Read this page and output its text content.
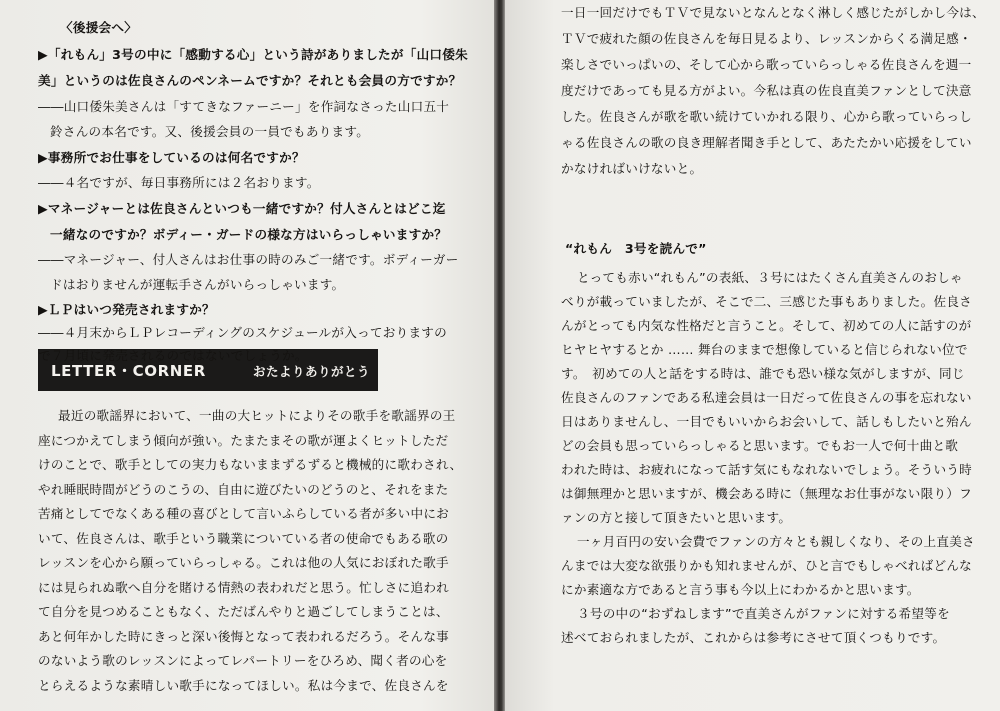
〈後援会へ〉
▶「れもん」3号の中に「感動する心」という詩がありましたが「山口倭朱
美」というのは佐良さんのペンネームですか？それとも会員の方ですか？
――山口倭朱美さんは「すてきなファーニー」を作詞なさった山口五十
鈴さんの本名です。又、後援会員の一員でもあります。
▶事務所でお仕事をしているのは何名ですか？
――４名ですが、毎日事務所には２名おります。
▶マネージャーとは佐良さんといつも一緒ですか？付人さんとはどこ迄
一緒なのですか？ボディー・ガードの様な方はいらっしゃいますか？
――マネージャー、付人さんはお仕事の時のみご一緒です。ボディーガー
ドはおりませんが運転手さんがいらっしゃいます。
▶ＬＰはいつ発売されますか？
LETTER・CORNER	おたよりありがとう
最近の歌謡界において、一曲の大ヒットによりその歌手を歌謡界の王
座につかえてしまう傾向が強い。たまたまその歌が運よくヒットしただ
けのことで、歌手としての実力もないままずるずると機械的に歌わされ、
やれ睡眠時間がどうのこうの、自由に遊びたいのどうのと、それをまた
苦痛としてでなくある種の喜びとして言いふらしている者が多い中にお
いて、佐良さんは、歌手という職業についている者の使命でもある歌の
レッスンを心から願っていらっしゃる。これは他の人気におぼれた歌手
には見られぬ歌へ自分を賭ける情熱の表われだと思う。忙しさに追われ
て自分を見つめることもなく、ただばんやりと過ごしてしまうことは、
あと何年かした時にきっと深い後悔となって表われるだろう。そんな事
のないよう歌のレッスンによってレパートリーをひろめ、聞く者の心を
とらえるような素晴しい歌手になってほしい。私は今まで、佐良さんを
――４月末からＬＰレコーディングのスケジュールが入っておりますの
で７月頃に発売されるのではないでしょうか。
一日一回だけでもＴＶで見ないとなんとなく淋しく感じたがしかし今は、
ＴＶで疲れた顔の佐良さんを毎日見るより、レッスンからくる満足感・
楽しさでいっぱいの、そして心から歌っていらっしゃる佐良さんを週一
度だけであっても見る方がよい。今私は真の佐良直美ファンとして決意
した。佐良さんが歌を歌い続けていかれる限り、心から歌っていらっし
ゃる佐良さんの歌の良き理解者聞き手として、あたたかい応援をしてい
かなければいけないと。
“れもん　3号を読んで”
とっても赤い“れもん”の表紙、３号にはたくさん直美さんのおしゃ
べりが載っていましたが、そこで二、三感じた事もありました。佐良さ
んがとっても内気な性格だと言うこと。そして、初めての人に話すのが
ヒヤヒヤするとか …… 舞台のままで想像していると信じられない位で
す。　初めての人と話をする時は、誰でも恐い様な気がしますが、同じ
佐良さんのファンである私達会員は一日だって佐良さんの事を忘れない
日はありませんし、一目でもいいからお会いして、話しもしたいと殆ん
どの会員も思っていらっしゃると思います。でもお一人で何十曲と歌
われた時は、お疲れになって話す気にもなれないでしょう。そういう時
は御無理かと思いますが、機会ある時に（無理なお仕事がない限り）フ
ァンの方と接して頂きたいと思います。
一ヶ月百円の安い会費でファンの方々とも親しくなり、その上直美さ
んまでは大変な欲張りかも知れませんが、ひと言でもしゃべればどんな
にか素適な方であると言う事も今以上にわかるかと思います。
３号の中の“おずねします”で直美さんがファンに対する希望等を
述べておられましたが、これからは参考にさせて頂くつもりです。
